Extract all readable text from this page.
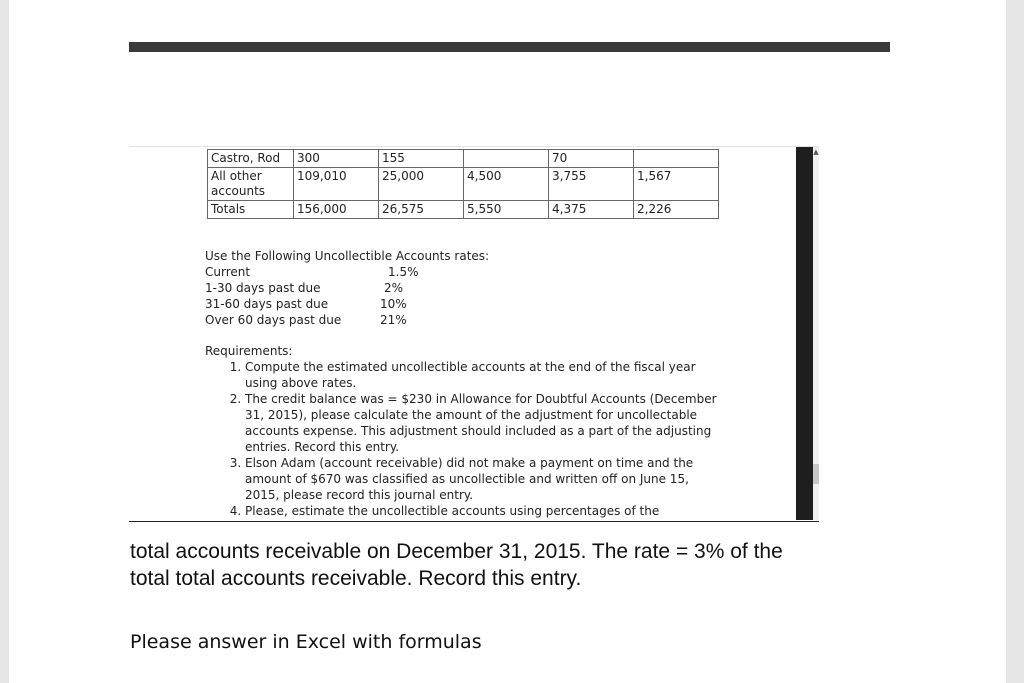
Castro, Rod	300	155		70	
All other accounts	109,010	25,000	4,500	3,755	1,567
Totals	156,000	26,575	5,550	4,375	2,226
Use the Following Uncollectible Accounts rates:
Current	1.5%
1-30 days past due	2%
31-60 days past due	10%
Over 60 days past due	21%
Requirements:
1. Compute the estimated uncollectible accounts at the end of the fiscal year using above rates.
2. The credit balance was = $230 in Allowance for Doubtful Accounts (December 31, 2015), please calculate the amount of the adjustment for uncollectable accounts expense. This adjustment should included as a part of the adjusting entries. Record this entry.
3. Elson Adam (account receivable) did not make a payment on time and the amount of $670 was classified as uncollectible and written off on June 15, 2015, please record this journal entry.
4. Please, estimate the uncollectible accounts using percentages of the
▲

total accounts receivable on December 31, 2015. The rate = 3% of the

total total accounts receivable. Record this entry.

Please answer in Excel with formulas
